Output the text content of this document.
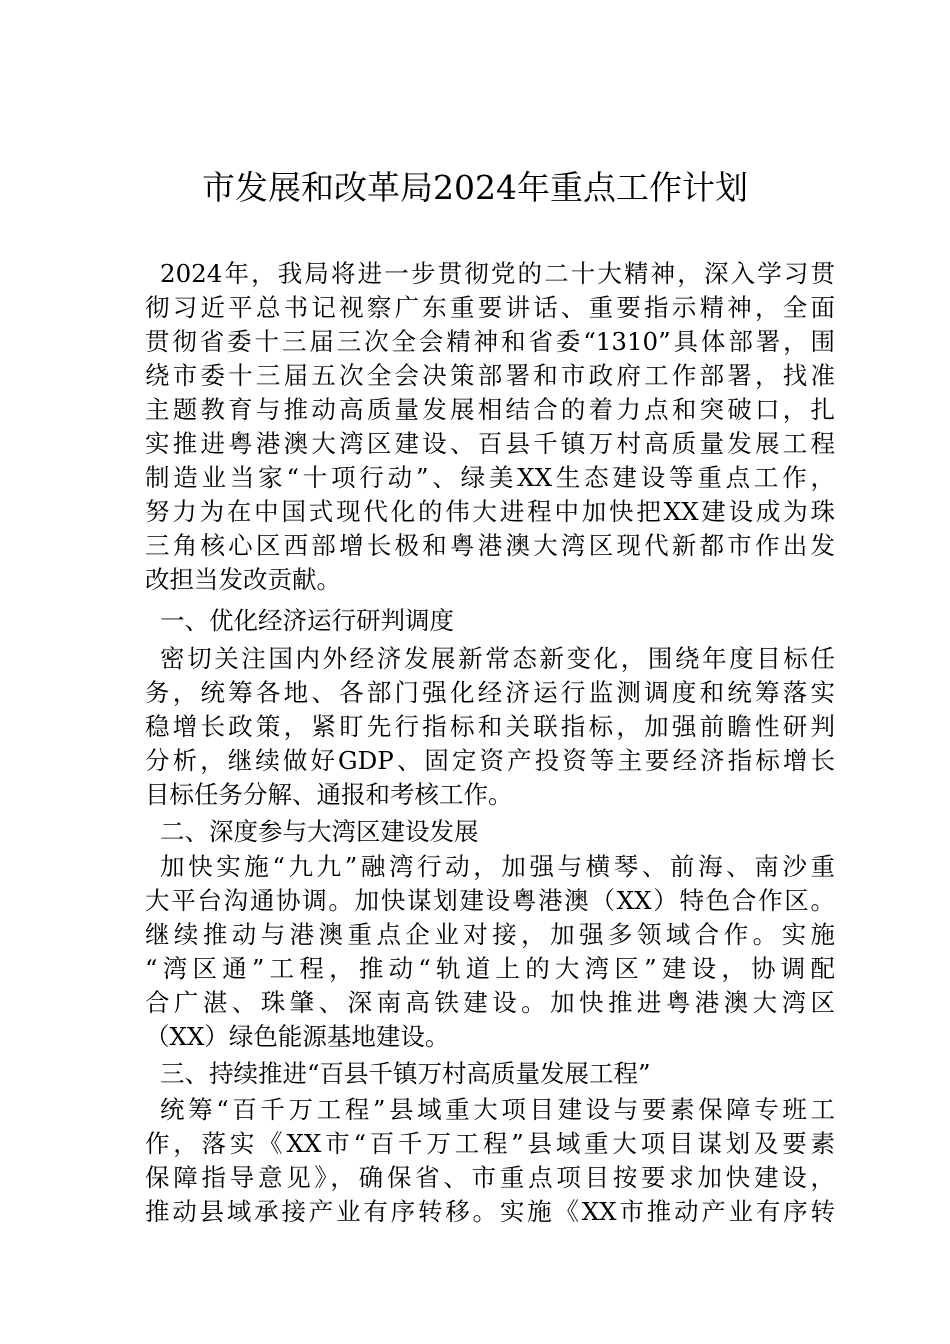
市发展和改革局2024年重点工作计划
2024年，我局将进一步贯彻党的二十大精神，深入学习贯
彻习近平总书记视察广东重要讲话、重要指示精神，全面
贯彻省委十三届三次全会精神和省委“1310”具体部署，围
绕市委十三届五次全会决策部署和市政府工作部署，找准
主题教育与推动高质量发展相结合的着力点和突破口，扎
实推进粤港澳大湾区建设、百县千镇万村高质量发展工程
制造业当家“十项行动”、绿美XX生态建设等重点工作，
努力为在中国式现代化的伟大进程中加快把XX建设成为珠
三角核心区西部增长极和粤港澳大湾区现代新都市作出发
改担当发改贡献。
一、优化经济运行研判调度
密切关注国内外经济发展新常态新变化，围绕年度目标任
务，统筹各地、各部门强化经济运行监测调度和统筹落实
稳增长政策，紧盯先行指标和关联指标，加强前瞻性研判
分析，继续做好GDP、固定资产投资等主要经济指标增长
目标任务分解、通报和考核工作。
二、深度参与大湾区建设发展
加快实施“九九”融湾行动，加强与横琴、前海、南沙重
大平台沟通协调。加快谋划建设粤港澳（XX）特色合作区。
继续推动与港澳重点企业对接，加强多领域合作。实施
“湾区通”工程，推动“轨道上的大湾区”建设，协调配
合广湛、珠肇、深南高铁建设。加快推进粤港澳大湾区
（XX）绿色能源基地建设。
三、持续推进“百县千镇万村高质量发展工程”
统筹“百千万工程”县域重大项目建设与要素保障专班工
作，落实《XX市“百千万工程”县域重大项目谋划及要素
保障指导意见》，确保省、市重点项目按要求加快建设，
推动县域承接产业有序转移。实施《XX市推动产业有序转
